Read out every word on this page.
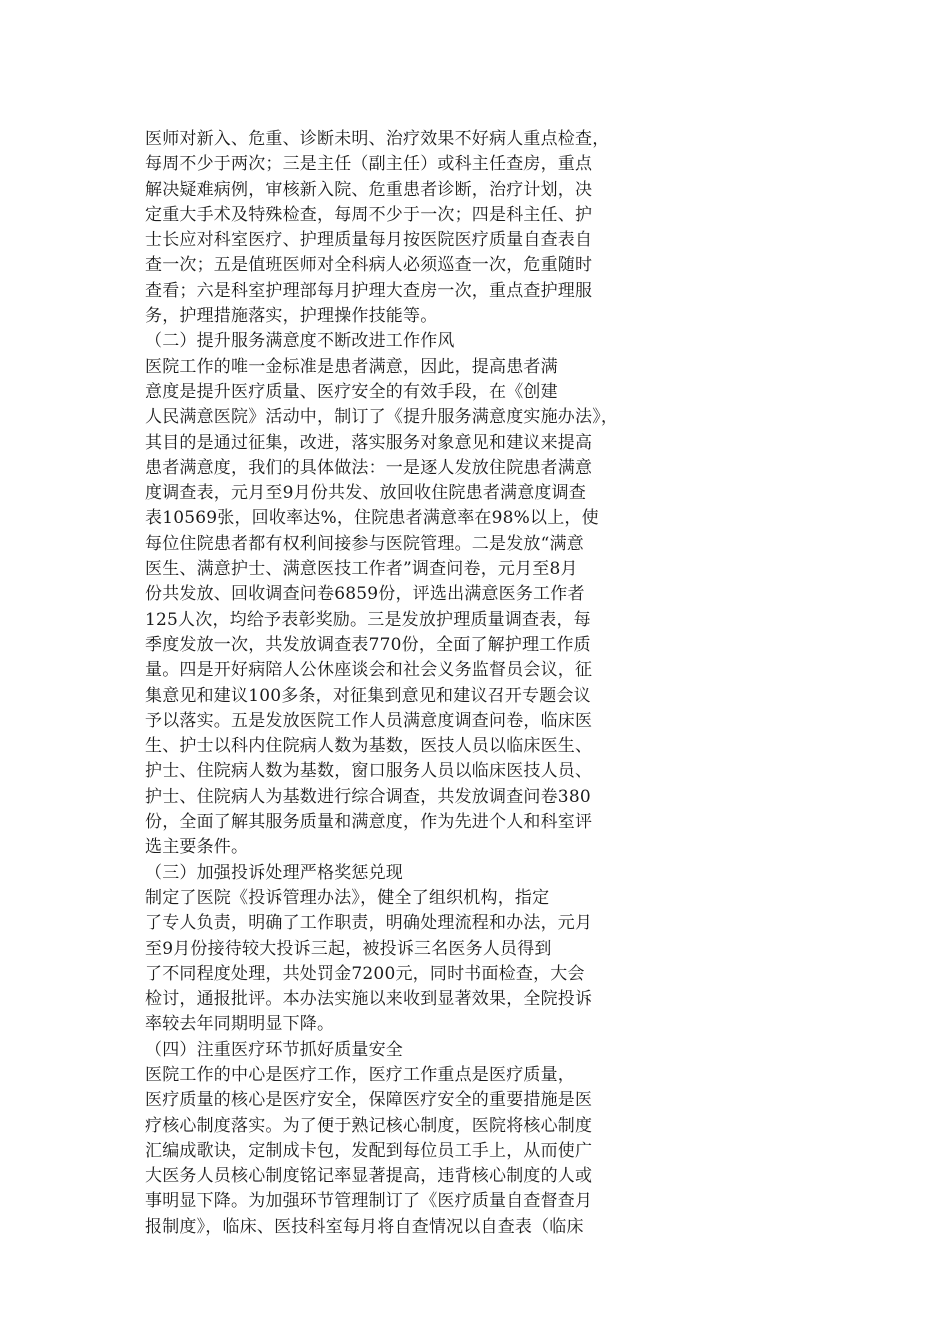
医师对新入、危重、诊断未明、治疗效果不好病人重点检查，
每周不少于两次；三是主任（副主任）或科主任查房，重点
解决疑难病例，审核新入院、危重患者诊断，治疗计划，决
定重大手术及特殊检查，每周不少于一次；四是科主任、护
士长应对科室医疗、护理质量每月按医院医疗质量自查表自
查一次；五是值班医师对全科病人必须巡查一次，危重随时
查看；六是科室护理部每月护理大查房一次，重点查护理服
务，护理措施落实，护理操作技能等。
（二）提升服务满意度不断改进工作作风
医院工作的唯一金标准是患者满意，因此，提高患者满
意度是提升医疗质量、医疗安全的有效手段，在《创建
人民满意医院》活动中，制订了《提升服务满意度实施办法》，
其目的是通过征集，改进，落实服务对象意见和建议来提高
患者满意度，我们的具体做法：一是逐人发放住院患者满意
度调查表，元月至9月份共发、放回收住院患者满意度调查
表10569张，回收率达%，住院患者满意率在98%以上，使
每位住院患者都有权利间接参与医院管理。二是发放“满意
医生、满意护士、满意医技工作者”调查问卷，元月至8月
份共发放、回收调查问卷6859份，评选出满意医务工作者
125人次，均给予表彰奖励。三是发放护理质量调查表，每
季度发放一次，共发放调查表770份，全面了解护理工作质
量。四是开好病陪人公休座谈会和社会义务监督员会议，征
集意见和建议100多条，对征集到意见和建议召开专题会议
予以落实。五是发放医院工作人员满意度调查问卷，临床医
生、护士以科内住院病人数为基数，医技人员以临床医生、
护士、住院病人数为基数，窗口服务人员以临床医技人员、
护士、住院病人为基数进行综合调查，共发放调查问卷380
份，全面了解其服务质量和满意度，作为先进个人和科室评
选主要条件。
（三）加强投诉处理严格奖惩兑现
制定了医院《投诉管理办法》，健全了组织机构，指定
了专人负责，明确了工作职责，明确处理流程和办法，元月
至9月份接待较大投诉三起，被投诉三名医务人员得到
了不同程度处理，共处罚金7200元，同时书面检查，大会
检讨，通报批评。本办法实施以来收到显著效果，全院投诉
率较去年同期明显下降。
（四）注重医疗环节抓好质量安全
医院工作的中心是医疗工作，医疗工作重点是医疗质量，
医疗质量的核心是医疗安全，保障医疗安全的重要措施是医
疗核心制度落实。为了便于熟记核心制度，医院将核心制度
汇编成歌诀，定制成卡包，发配到每位员工手上，从而使广
大医务人员核心制度铭记率显著提高，违背核心制度的人或
事明显下降。为加强环节管理制订了《医疗质量自查督查月
报制度》，临床、医技科室每月将自查情况以自查表（临床
